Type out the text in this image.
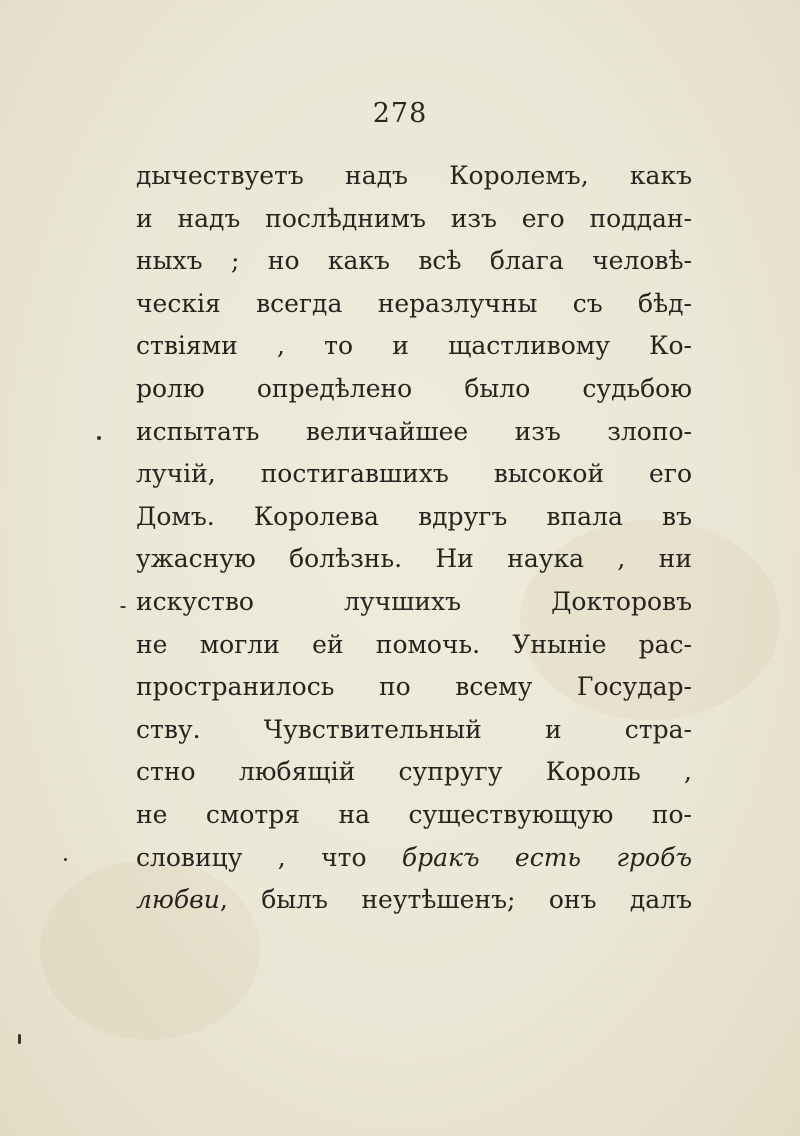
278
дычествуетъ надъ Королемъ, какъ
и надъ послѣднимъ изъ его поддан-
ныхъ ; но какъ всѣ блага человѣ-
ческія всегда неразлучны съ бѣд-
ствіями , то и щастливому Ко-
ролю опредѣлено было судьбою
испытать величайшее изъ злопо-
лучій, постигавшихъ высокой его
Домъ. Королева вдругъ впала въ
ужасную болѣзнь. Ни наука , ни
искуство лучшихъ Докторовъ
не могли ей помочь. Унынiе рас-
пространилось по всему Государ-
ству. Чувствительный и стра-
стно любящій супругу Король ,
не смотря на существующую по-
словицу , что бракъ есть гробъ
любви, былъ неутѣшенъ; онъ далъ
